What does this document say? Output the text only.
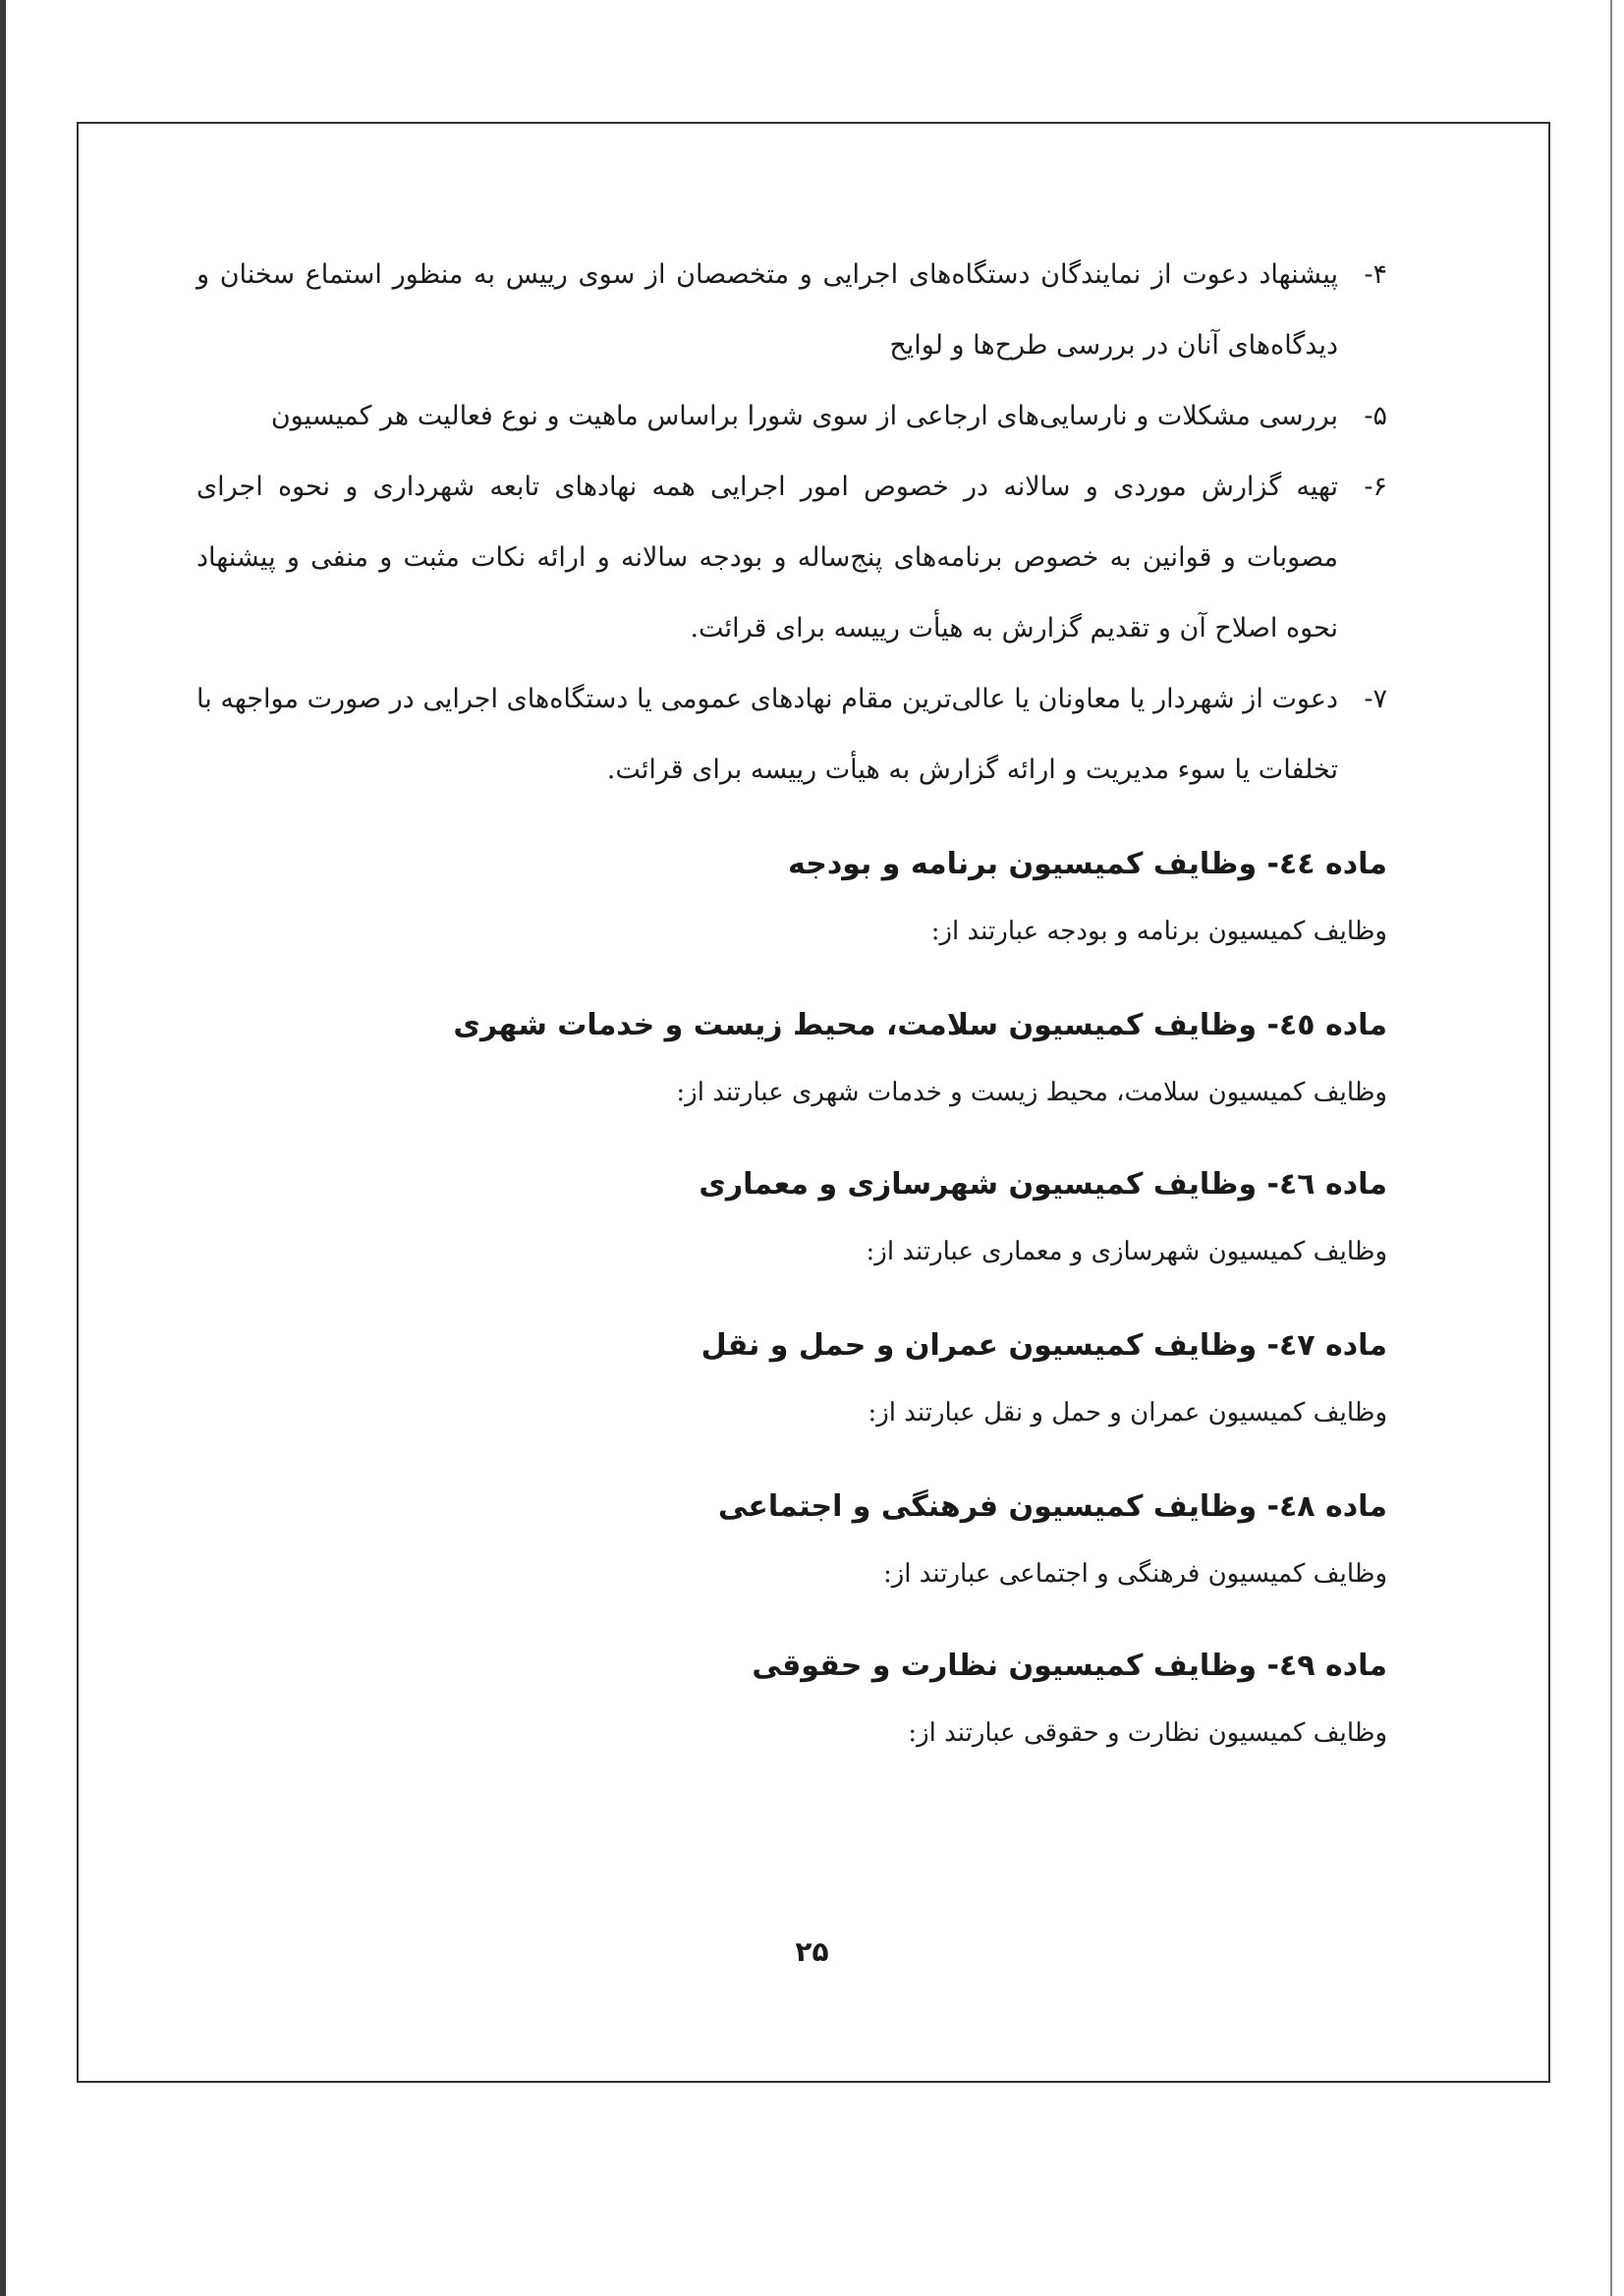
۴-
پیشنهاد دعوت از نمایندگان دستگاه‌های اجرایی و متخصصان از سوی رییس به منظور استماع سخنان و دیدگاه‌های آنان در بررسی طرح‌ها و لوایح
۵-
بررسی مشکلات و نارسایی‌های ارجاعی از سوی شورا براساس ماهیت و نوع فعالیت هر کمیسیون
۶-
تهیه گزارش موردی و سالانه در خصوص امور اجرایی همه نهادهای تابعه شهرداری و نحوه اجرای مصوبات و قوانین به خصوص برنامه‌های پنج‌ساله و بودجه سالانه و ارائه نکات مثبت و منفی و پیشنهاد نحوه اصلاح آن و تقدیم گزارش به هیأت رییسه برای قرائت.
۷-
دعوت از شهردار یا معاونان یا عالی‌ترین مقام نهادهای عمومی یا دستگاه‌های اجرایی در صورت مواجهه با تخلفات یا سوء مدیریت و ارائه گزارش به هیأت رییسه برای قرائت.
ماده ٤٤- وظایف کمیسیون برنامه و بودجه
وظایف کمیسیون برنامه و بودجه عبارتند از:
ماده ٤٥- وظایف کمیسیون سلامت، محیط زیست و خدمات شهری
وظایف کمیسیون سلامت، محیط زیست و خدمات شهری عبارتند از:
ماده ٤٦- وظایف کمیسیون شهرسازی و معماری
وظایف کمیسیون شهرسازی و معماری عبارتند از:
ماده ٤٧- وظایف کمیسیون عمران و حمل و نقل
وظایف کمیسیون عمران و حمل و نقل عبارتند از:
ماده ٤٨- وظایف کمیسیون فرهنگی و اجتماعی
وظایف کمیسیون فرهنگی و اجتماعی عبارتند از:
ماده ٤٩- وظایف کمیسیون نظارت و حقوقی
وظایف کمیسیون نظارت و حقوقی عبارتند از:
۲۵
